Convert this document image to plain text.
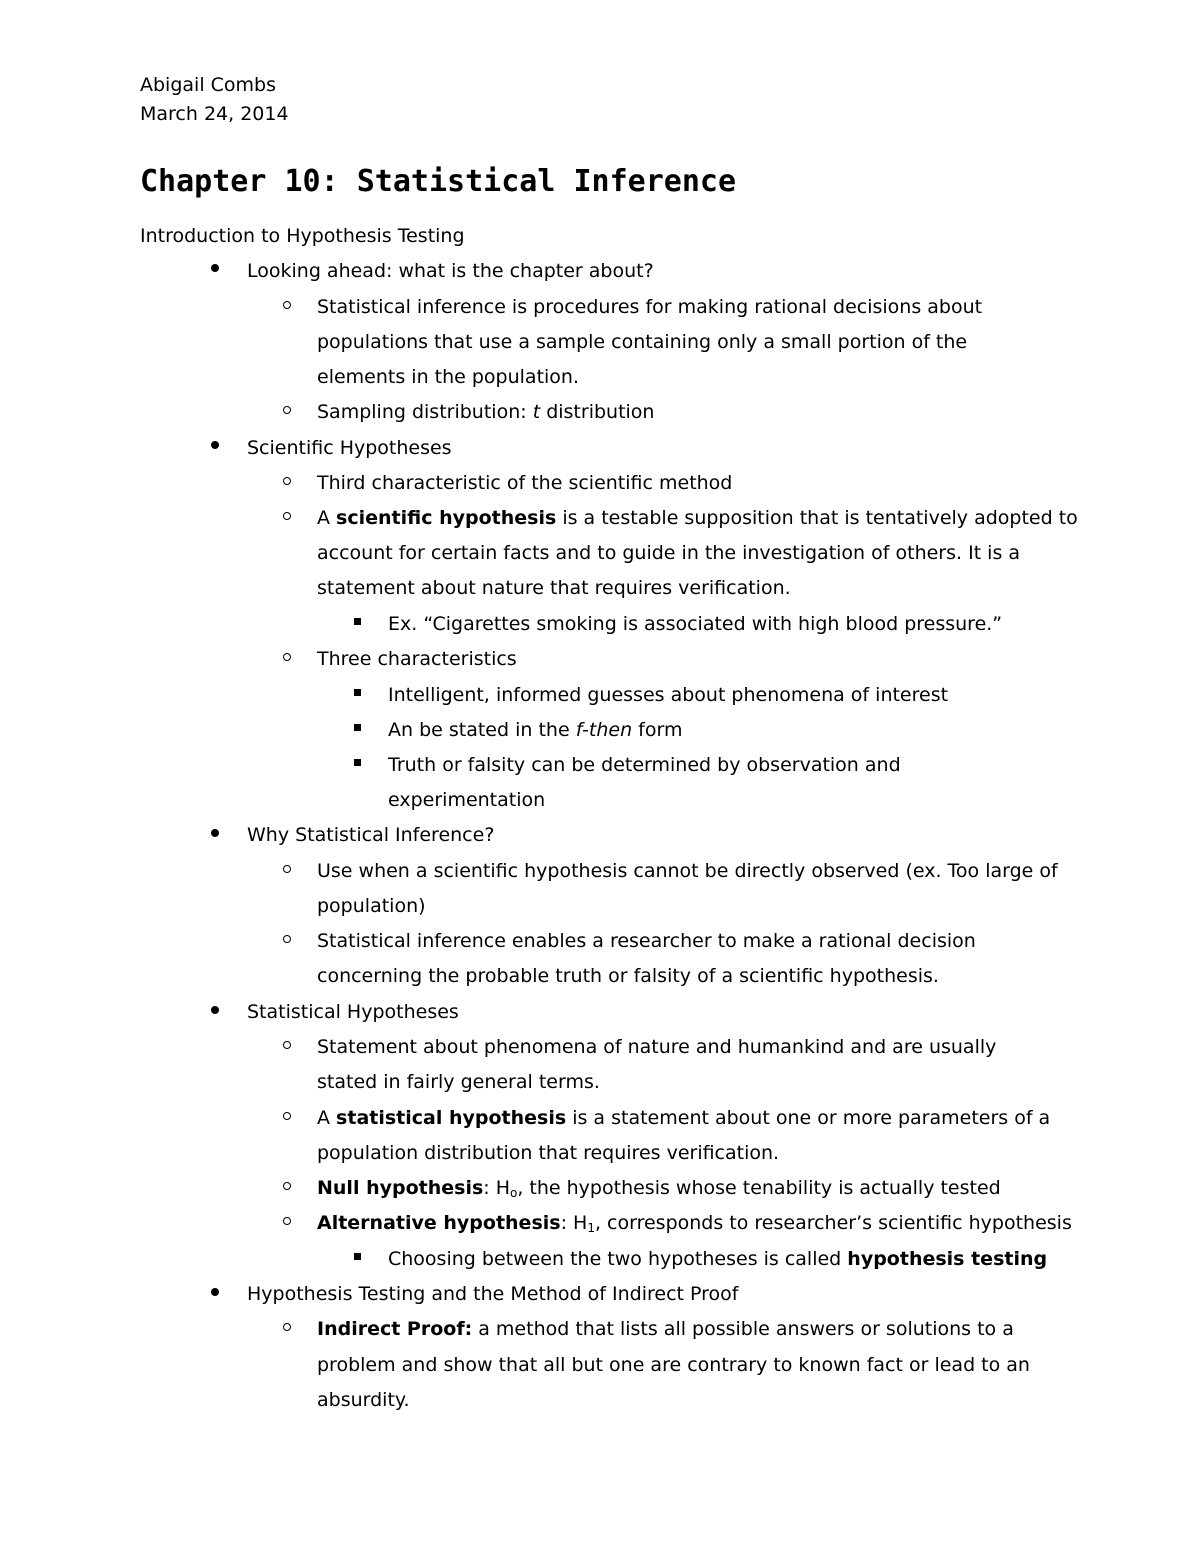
Abigail Combs
March 24, 2014
Chapter 10: Statistical Inference
Introduction to Hypothesis Testing
Looking ahead: what is the chapter about?
Statistical inference is procedures for making rational decisions about
populations that use a sample containing only a small portion of the
elements in the population.
Sampling distribution: t distribution
Scientific Hypotheses
Third characteristic of the scientific method
A scientific hypothesis is a testable supposition that is tentatively adopted to
account for certain facts and to guide in the investigation of others. It is a
statement about nature that requires verification.
Ex. “Cigarettes smoking is associated with high blood pressure.”
Three characteristics
Intelligent, informed guesses about phenomena of interest
An be stated in the f-then form
Truth or falsity can be determined by observation and
experimentation
Why Statistical Inference?
Use when a scientific hypothesis cannot be directly observed (ex. Too large of
population)
Statistical inference enables a researcher to make a rational decision
concerning the probable truth or falsity of a scientific hypothesis.
Statistical Hypotheses
Statement about phenomena of nature and humankind and are usually
stated in fairly general terms.
A statistical hypothesis is a statement about one or more parameters of a
population distribution that requires verification.
Null hypothesis: $H_o$, the hypothesis whose tenability is actually tested
Alternative hypothesis: $H_1$, corresponds to researcher’s scientific hypothesis
Choosing between the two hypotheses is called hypothesis testing
Hypothesis Testing and the Method of Indirect Proof
Indirect Proof: a method that lists all possible answers or solutions to a
problem and show that all but one are contrary to known fact or lead to an
absurdity.
